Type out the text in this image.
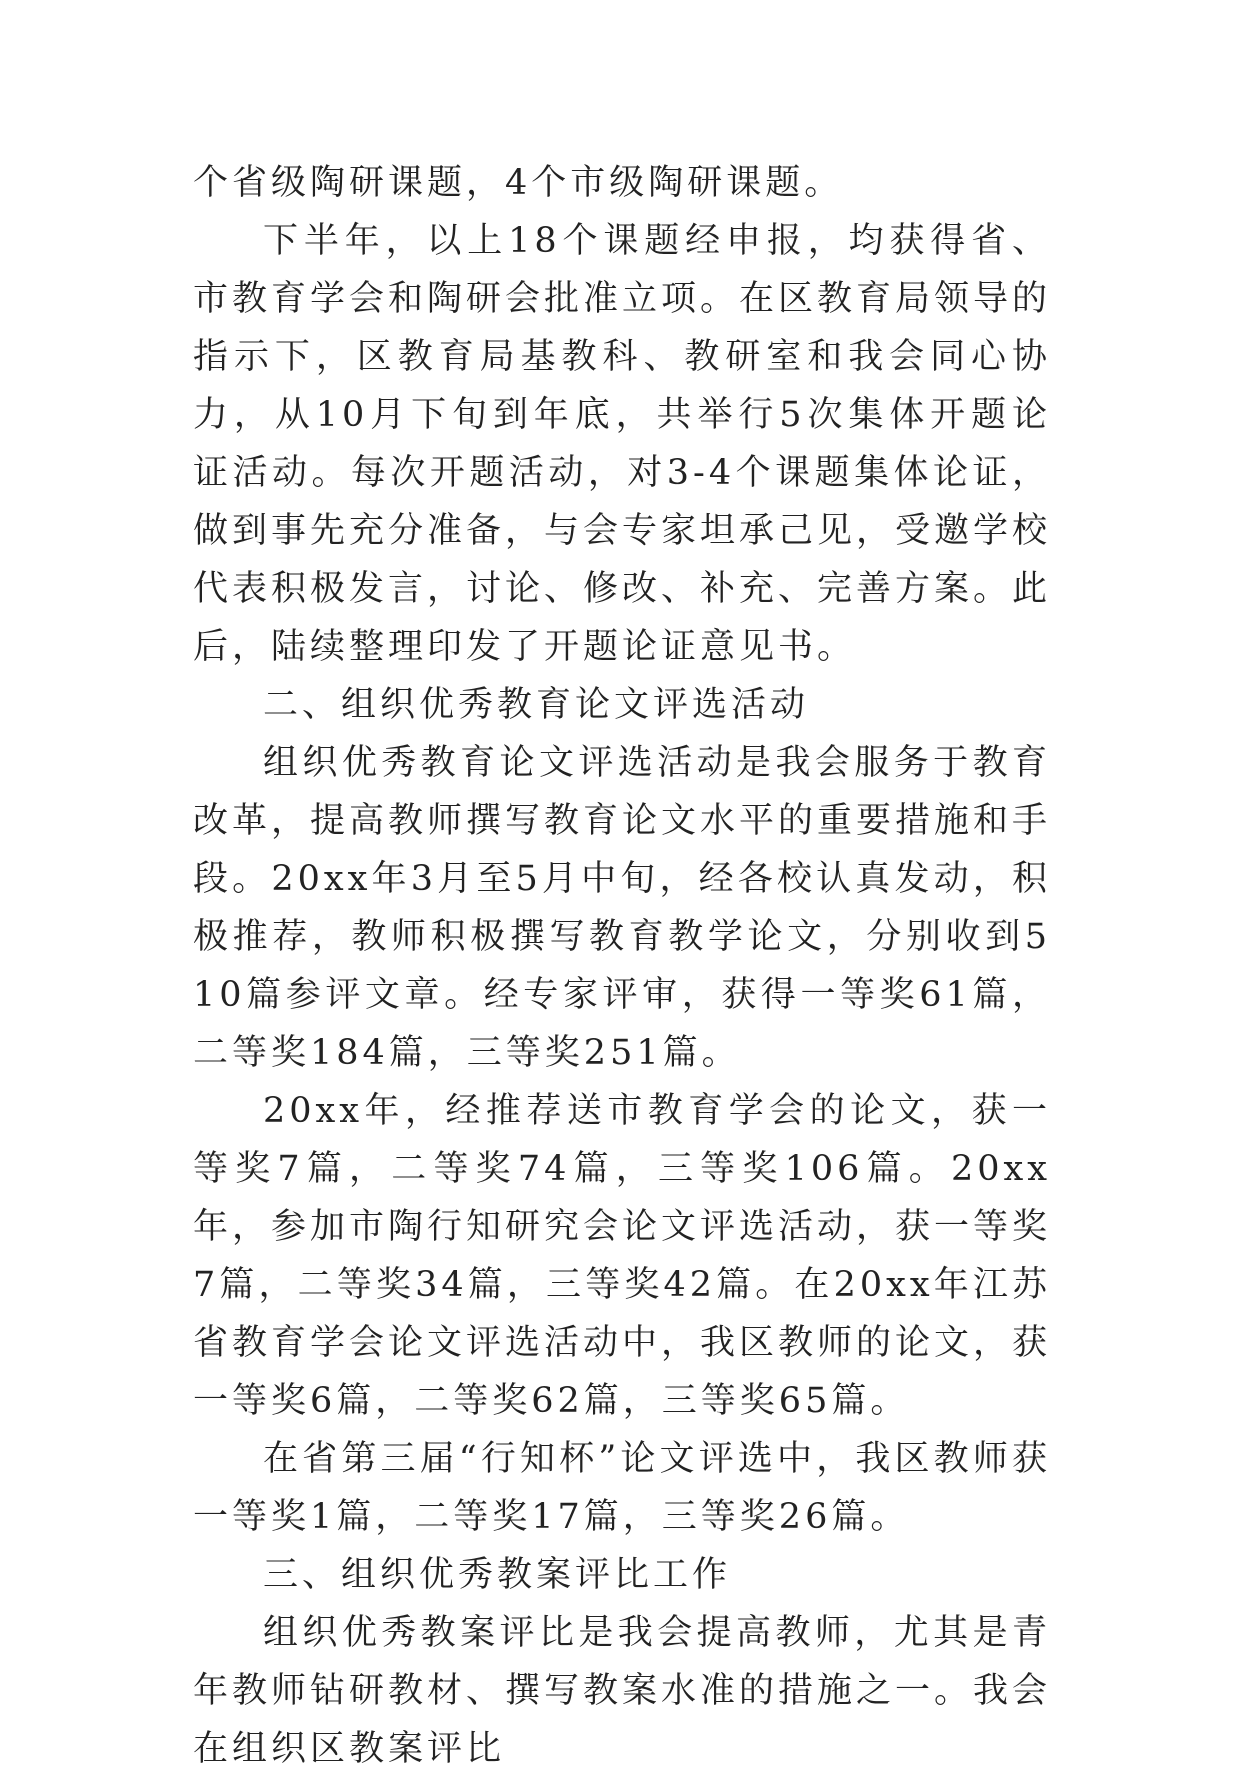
个省级陶研课题，4个市级陶研课题。

下半年，以上18个课题经申报，均获得省、市教育学会和陶研会批准立项。在区教育局领导的指示下，区教育局基教科、教研室和我会同心协力，从10月下旬到年底，共举行5次集体开题论证活动。每次开题活动，对3-4个课题集体论证，做到事先充分准备，与会专家坦承己见，受邀学校代表积极发言，讨论、修改、补充、完善方案。此后，陆续整理印发了开题论证意见书。

二、组织优秀教育论文评选活动

组织优秀教育论文评选活动是我会服务于教育改革，提高教师撰写教育论文水平的重要措施和手段。20xx年3月至5月中旬，经各校认真发动，积极推荐，教师积极撰写教育教学论文，分别收到510篇参评文章。经专家评审，获得一等奖61篇，二等奖184篇，三等奖251篇。

20xx年，经推荐送市教育学会的论文，获一等奖7篇，二等奖74篇，三等奖106篇。20xx年，参加市陶行知研究会论文评选活动，获一等奖7篇，二等奖34篇，三等奖42篇。在20xx年江苏省教育学会论文评选活动中，我区教师的论文，获一等奖6篇，二等奖62篇，三等奖65篇。

在省第三届“行知杯”论文评选中，我区教师获一等奖1篇，二等奖17篇，三等奖26篇。

三、组织优秀教案评比工作

组织优秀教案评比是我会提高教师，尤其是青年教师钻研教材、撰写教案水准的措施之一。我会在组织区教案评比
